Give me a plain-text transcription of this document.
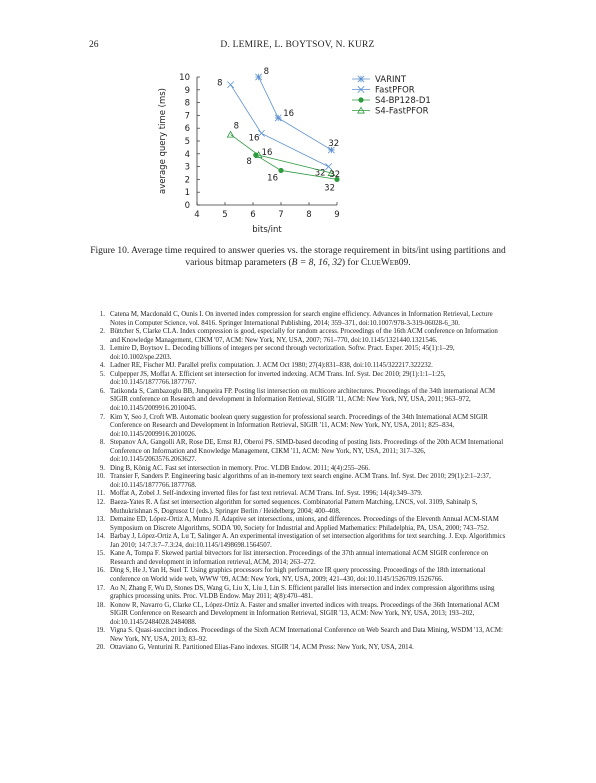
26	D. LEMIRE, L. BOYTSOV, N. KURZ
4	5	6	7	8	9
0
1
2
3
4
5
6
7
8
9
10
bits/int
average query time (ms)
8
16
32
8
16
32
8
16
32
8
16
32
VARINT
FastPFOR
S4-BP128-D1
S4-FastPFOR
Figure 10. Average time required to answer queries vs. the storage requirement in bits/int using partitions and various bitmap parameters (B = 8, 16, 32) for ClueWeb09.
1. Catena M, Macdonald C, Ounis I. On inverted index compression for search engine efficiency. Advances in Information Retrieval, Lecture Notes in Computer Science, vol. 8416. Springer International Publishing, 2014; 359–371, doi:10.1007/978-3-319-06028-6_30.
2. Büttcher S, Clarke CLA. Index compression is good, especially for random access. Proceedings of the 16th ACM conference on Information and Knowledge Management, CIKM '07, ACM: New York, NY, USA, 2007; 761–770, doi:10.1145/1321440.1321546.
3. Lemire D, Boytsov L. Decoding billions of integers per second through vectorization. Softw. Pract. Exper. 2015; 45(1):1–29, doi:10.1002/spe.2203.
4. Ladner RE, Fischer MJ. Parallel prefix computation. J. ACM Oct 1980; 27(4):831–838, doi:10.1145/322217.322232.
5. Culpepper JS, Moffat A. Efficient set intersection for inverted indexing. ACM Trans. Inf. Syst. Dec 2010; 29(1):1:1–1:25, doi:10.1145/1877766.1877767.
6. Tatikonda S, Cambazoglu BB, Junqueira FP. Posting list intersection on multicore architectures. Proceedings of the 34th international ACM SIGIR conference on Research and development in Information Retrieval, SIGIR '11, ACM: New York, NY, USA, 2011; 963–972, doi:10.1145/2009916.2010045.
7. Kim Y, Seo J, Croft WB. Automatic boolean query suggestion for professional search. Proceedings of the 34th International ACM SIGIR Conference on Research and Development in Information Retrieval, SIGIR '11, ACM: New York, NY, USA, 2011; 825–834, doi:10.1145/2009916.2010026.
8. Stepanov AA, Gangolli AR, Rose DE, Ernst RJ, Oberoi PS. SIMD-based decoding of posting lists. Proceedings of the 20th ACM International Conference on Information and Knowledge Management, CIKM '11, ACM: New York, NY, USA, 2011; 317–326, doi:10.1145/2063576.2063627.
9. Ding B, König AC. Fast set intersection in memory. Proc. VLDB Endow. 2011; 4(4):255–266.
10. Transier F, Sanders P. Engineering basic algorithms of an in-memory text search engine. ACM Trans. Inf. Syst. Dec 2010; 29(1):2:1–2:37, doi:10.1145/1877766.1877768.
11. Moffat A, Zobel J. Self-indexing inverted files for fast text retrieval. ACM Trans. Inf. Syst. 1996; 14(4):349–379.
12. Baeza-Yates R. A fast set intersection algorithm for sorted sequences. Combinatorial Pattern Matching, LNCS, vol. 3109, Sahinalp S, Muthukrishnan S, Dogrusoz U (eds.). Springer Berlin / Heidelberg, 2004; 400–408.
13. Demaine ED, López-Ortiz A, Munro JI. Adaptive set intersections, unions, and differences. Proceedings of the Eleventh Annual ACM-SIAM Symposium on Discrete Algorithms, SODA '00, Society for Industrial and Applied Mathematics: Philadelphia, PA, USA, 2000; 743–752.
14. Barbay J, López-Ortiz A, Lu T, Salinger A. An experimental investigation of set intersection algorithms for text searching. J. Exp. Algorithmics Jan 2010; 14:7.3:7–7.3:24, doi:10.1145/1498698.1564507.
15. Kane A, Tompa F. Skewed partial bitvectors for list intersection. Proceedings of the 37th annual international ACM SIGIR conference on Research and development in information retrieval, ACM, 2014; 263–272.
16. Ding S, He J, Yan H, Suel T. Using graphics processors for high performance IR query processing. Proceedings of the 18th international conference on World wide web, WWW '09, ACM: New York, NY, USA, 2009; 421–430, doi:10.1145/1526709.1526766.
17. Ao N, Zhang F, Wu D, Stones DS, Wang G, Liu X, Liu J, Lin S. Efficient parallel lists intersection and index compression algorithms using graphics processing units. Proc. VLDB Endow. May 2011; 4(8):470–481.
18. Konow R, Navarro G, Clarke CL, López-Ortíz A. Faster and smaller inverted indices with treaps. Proceedings of the 36th International ACM SIGIR Conference on Research and Development in Information Retrieval, SIGIR '13, ACM: New York, NY, USA, 2013; 193–202, doi:10.1145/2484028.2484088.
19. Vigna S. Quasi-succinct indices. Proceedings of the Sixth ACM International Conference on Web Search and Data Mining, WSDM '13, ACM: New York, NY, USA, 2013; 83–92.
20. Ottaviano G, Venturini R. Partitioned Elias-Fano indexes. SIGIR '14, ACM Press: New York, NY, USA, 2014.
